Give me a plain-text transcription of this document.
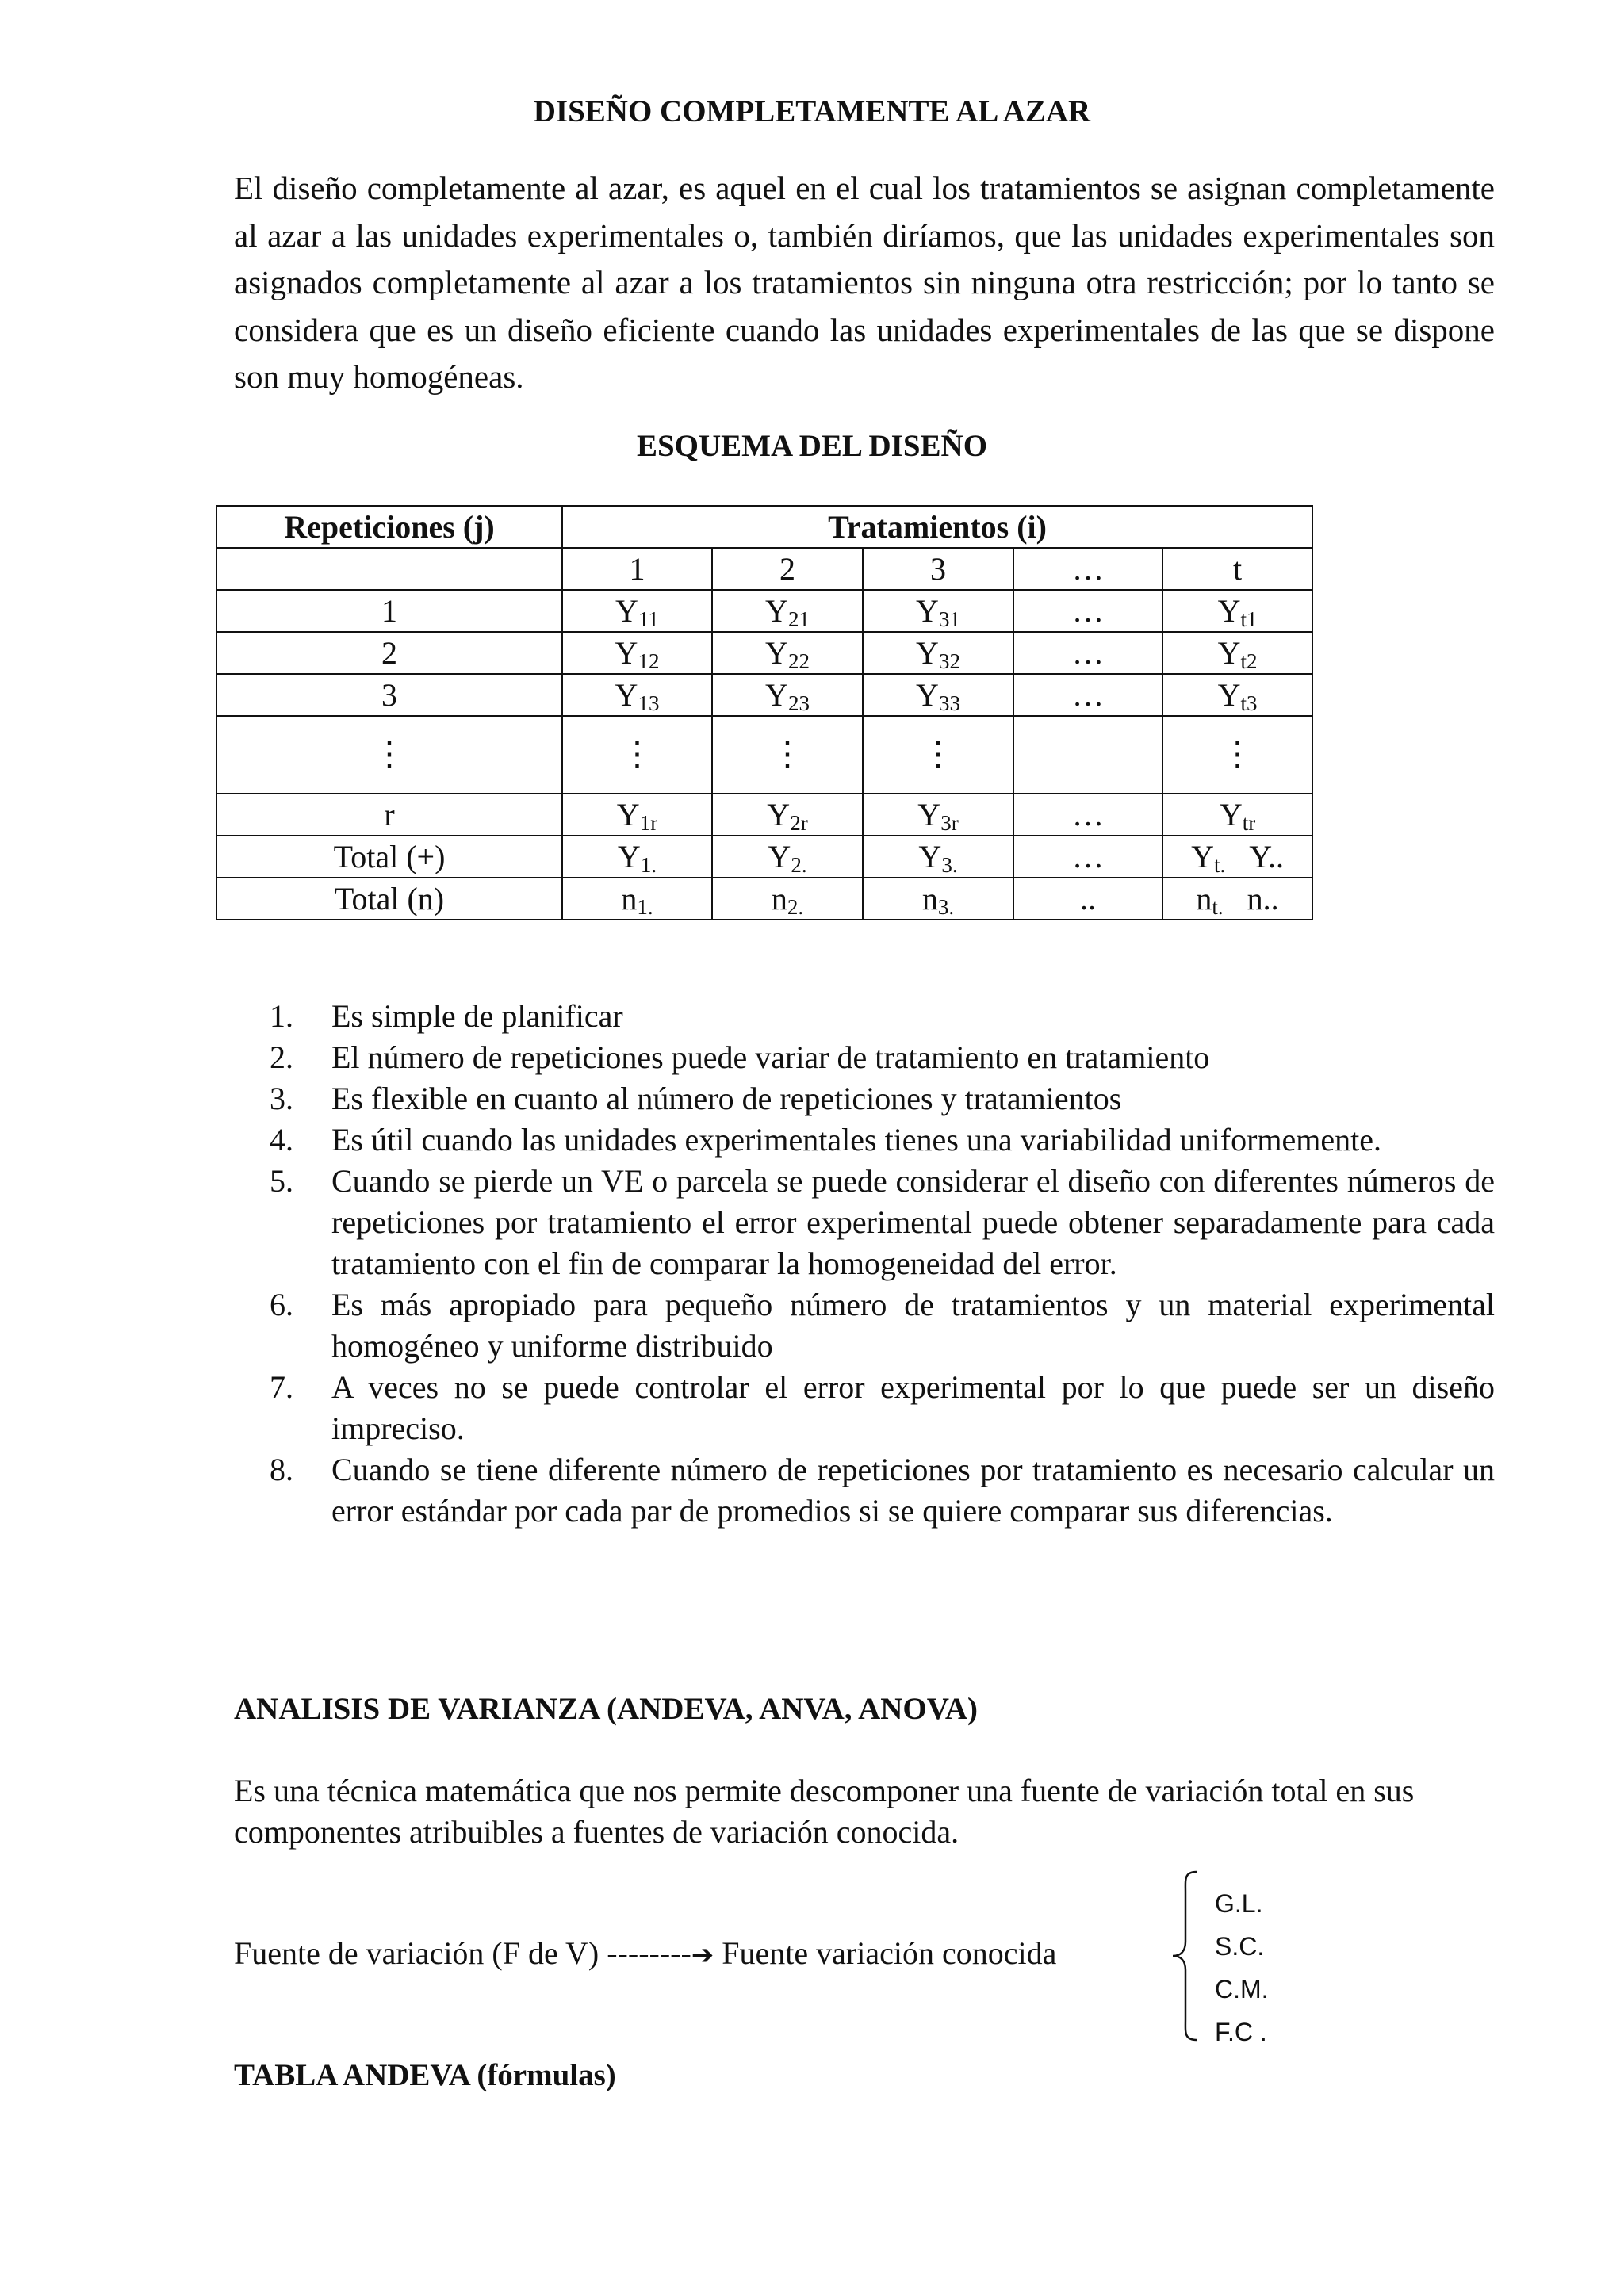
DISEÑO COMPLETAMENTE AL AZAR

El diseño completamente al azar, es aquel en el cual los tratamientos se asignan completamente al azar a las unidades experimentales o, también diríamos, que las unidades experimentales son asignados completamente al azar a los tratamientos sin ninguna otra restricción; por lo tanto se considera que es un diseño eficiente cuando las unidades experimentales de las que se dispone son muy homogéneas.

ESQUEMA DEL DISEÑO
Repeticiones (j)	Tratamientos (i)				
	1	2	3	…	t
1	$Y_{11}$	$Y_{21}$	$Y_{31}$	…	$Y_{t1}$
2	$Y_{12}$	$Y_{22}$	$Y_{32}$	…	$Y_{t2}$
3	$Y_{13}$	$Y_{23}$	$Y_{33}$	…	$Y_{t3}$
⋮	⋮	⋮	⋮		⋮
r	$Y_{1r}$	$Y_{2r}$	$Y_{3r}$	…	$Y_{tr}$
Total (+)	$Y_{1.}$	$Y_{2.}$	$Y_{3.}$	…	$Y_{t.}$ Y..
Total (n)	$n_{1.}$	$n_{2.}$	$n_{3.}$	..	$n_{t.}$ n..
1. Es simple de planificar
2. El número de repeticiones puede variar de tratamiento en tratamiento
3. Es flexible en cuanto al número de repeticiones y tratamientos
4. Es útil cuando las unidades experimentales tienes una variabilidad uniformemente.
5. Cuando se pierde un VE o parcela se puede considerar el diseño con diferentes números de repeticiones por tratamiento el error experimental puede obtener separadamente para cada tratamiento con el fin de comparar la homogeneidad del error.
6. Es más apropiado para pequeño número de tratamientos y un material experimental homogéneo y uniforme distribuido
7. A veces no se puede controlar el error experimental por lo que puede ser un diseño impreciso.
8. Cuando se tiene diferente número de repeticiones por tratamiento es necesario calcular un error estándar por cada par de promedios si se quiere comparar sus diferencias.
ANALISIS DE VARIANZA (ANDEVA, ANVA, ANOVA)

Es una técnica matemática que nos permite descomponer una fuente de variación total en sus componentes atribuibles a fuentes de variación conocida.

Fuente de variación (F de V) --------➔ Fuente variación conocida
G.L.
S.C.
C.M.
F.C .
TABLA ANDEVA (fórmulas)
